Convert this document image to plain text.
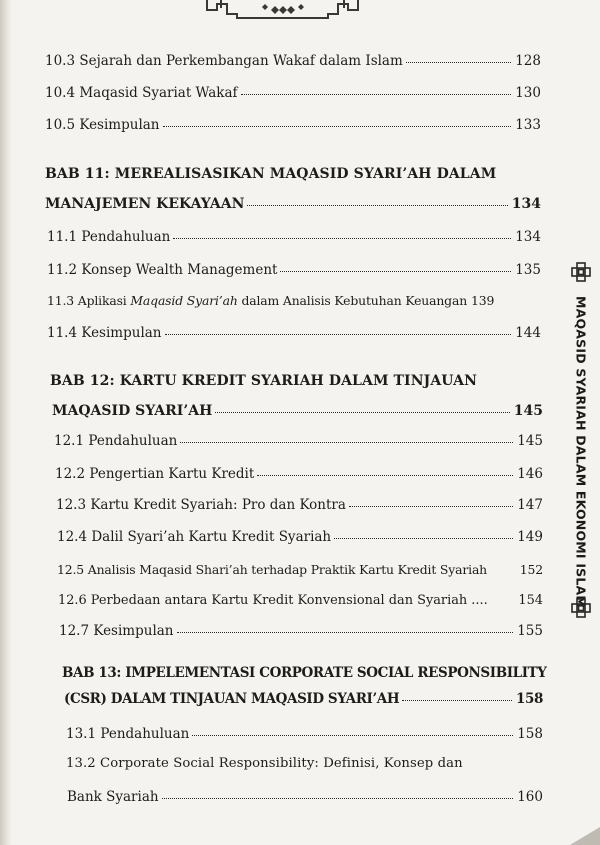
10.3 Sejarah dan Perkembangan Wakaf dalam Islam	128
10.4 Maqasid Syariat Wakaf	130
10.5 Kesimpulan	133
BAB 11: MEREALISASIKAN MAQASID SYARI’AH DALAM
MANAJEMEN KEKAYAAN	134
11.1 Pendahuluan	134
11.2 Konsep Wealth Management	135
11.3 Aplikasi Maqasid Syari’ah dalam Analisis Kebutuhan Keuangan 139
11.4 Kesimpulan	144
BAB 12: KARTU KREDIT SYARIAH DALAM TINJAUAN
MAQASID SYARI’AH	145
12.1 Pendahuluan	145
12.2 Pengertian Kartu Kredit	146
12.3 Kartu Kredit Syariah: Pro dan Kontra	147
12.4 Dalil Syari’ah Kartu Kredit Syariah	149
12.5 Analisis Maqasid Shari’ah terhadap Praktik Kartu Kredit Syariah	152
12.6 Perbedaan antara Kartu Kredit Konvensional dan Syariah .... 154
12.7 Kesimpulan	155
BAB 13: IMPELEMENTASI CORPORATE SOCIAL RESPONSIBILITY
(CSR) DALAM TINJAUAN MAQASID SYARI’AH	158
13.1 Pendahuluan	158
13.2 Corporate Social Responsibility: Definisi, Konsep dan
Bank Syariah	160
MAQASID SYARIAH DALAM EKONOMI ISLAM
